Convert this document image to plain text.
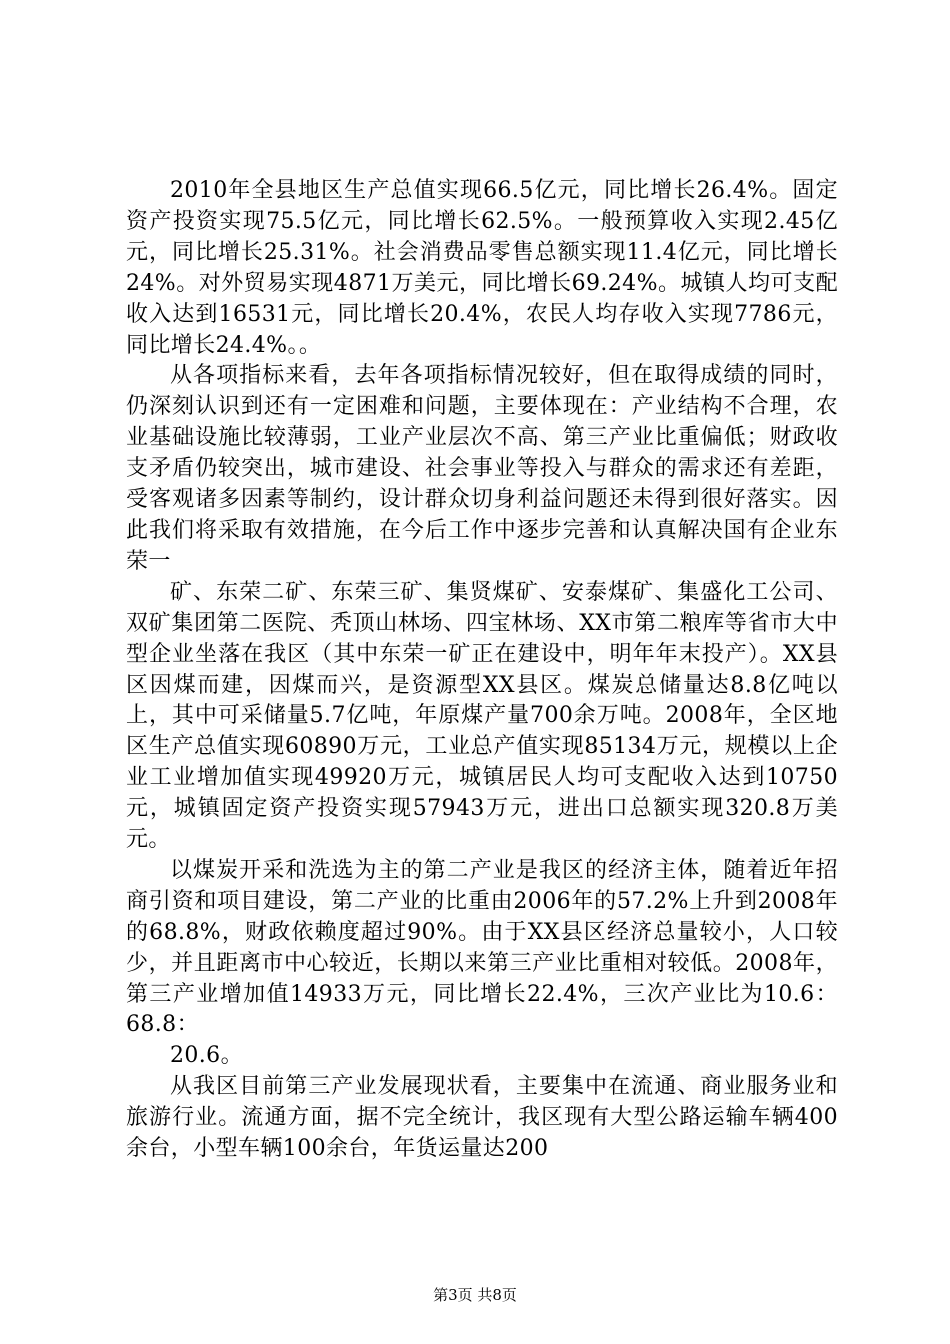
2010年全县地区生产总值实现66.5亿元，同比增长26.4%。固定资产投资实现75.5亿元，同比增长62.5%。一般预算收入实现2.45亿元，同比增长25.31%。社会消费品零售总额实现11.4亿元，同比增长24%。对外贸易实现4871万美元，同比增长69.24%。城镇人均可支配收入达到16531元，同比增长20.4%，农民人均存收入实现7786元，同比增长24.4%。。

从各项指标来看，去年各项指标情况较好，但在取得成绩的同时，仍深刻认识到还有一定困难和问题，主要体现在：产业结构不合理，农业基础设施比较薄弱，工业产业层次不高、第三产业比重偏低；财政收支矛盾仍较突出，城市建设、社会事业等投入与群众的需求还有差距，受客观诸多因素等制约，设计群众切身利益问题还未得到很好落实。因此我们将采取有效措施，在今后工作中逐步完善和认真解决国有企业东荣一

矿、东荣二矿、东荣三矿、集贤煤矿、安泰煤矿、集盛化工公司、双矿集团第二医院、秃顶山林场、四宝林场、XX市第二粮库等省市大中型企业坐落在我区（其中东荣一矿正在建设中，明年年末投产）。XX县区因煤而建，因煤而兴，是资源型XX县区。煤炭总储量达8.8亿吨以上，其中可采储量5.7亿吨，年原煤产量700余万吨。2008年，全区地区生产总值实现60890万元，工业总产值实现85134万元，规模以上企业工业增加值实现49920万元，城镇居民人均可支配收入达到10750元，城镇固定资产投资实现57943万元，进出口总额实现320.8万美元。

以煤炭开采和洗选为主的第二产业是我区的经济主体，随着近年招商引资和项目建设，第二产业的比重由2006年的57.2%上升到2008年的68.8%，财政依赖度超过90%。由于XX县区经济总量较小，人口较少，并且距离市中心较近，长期以来第三产业比重相对较低。2008年，第三产业增加值14933万元，同比增长22.4%，三次产业比为10.6：68.8：

20.6。

从我区目前第三产业发展现状看，主要集中在流通、商业服务业和旅游行业。流通方面，据不完全统计，我区现有大型公路运输车辆400余台，小型车辆100余台，年货运量达200

第3页 共8页
